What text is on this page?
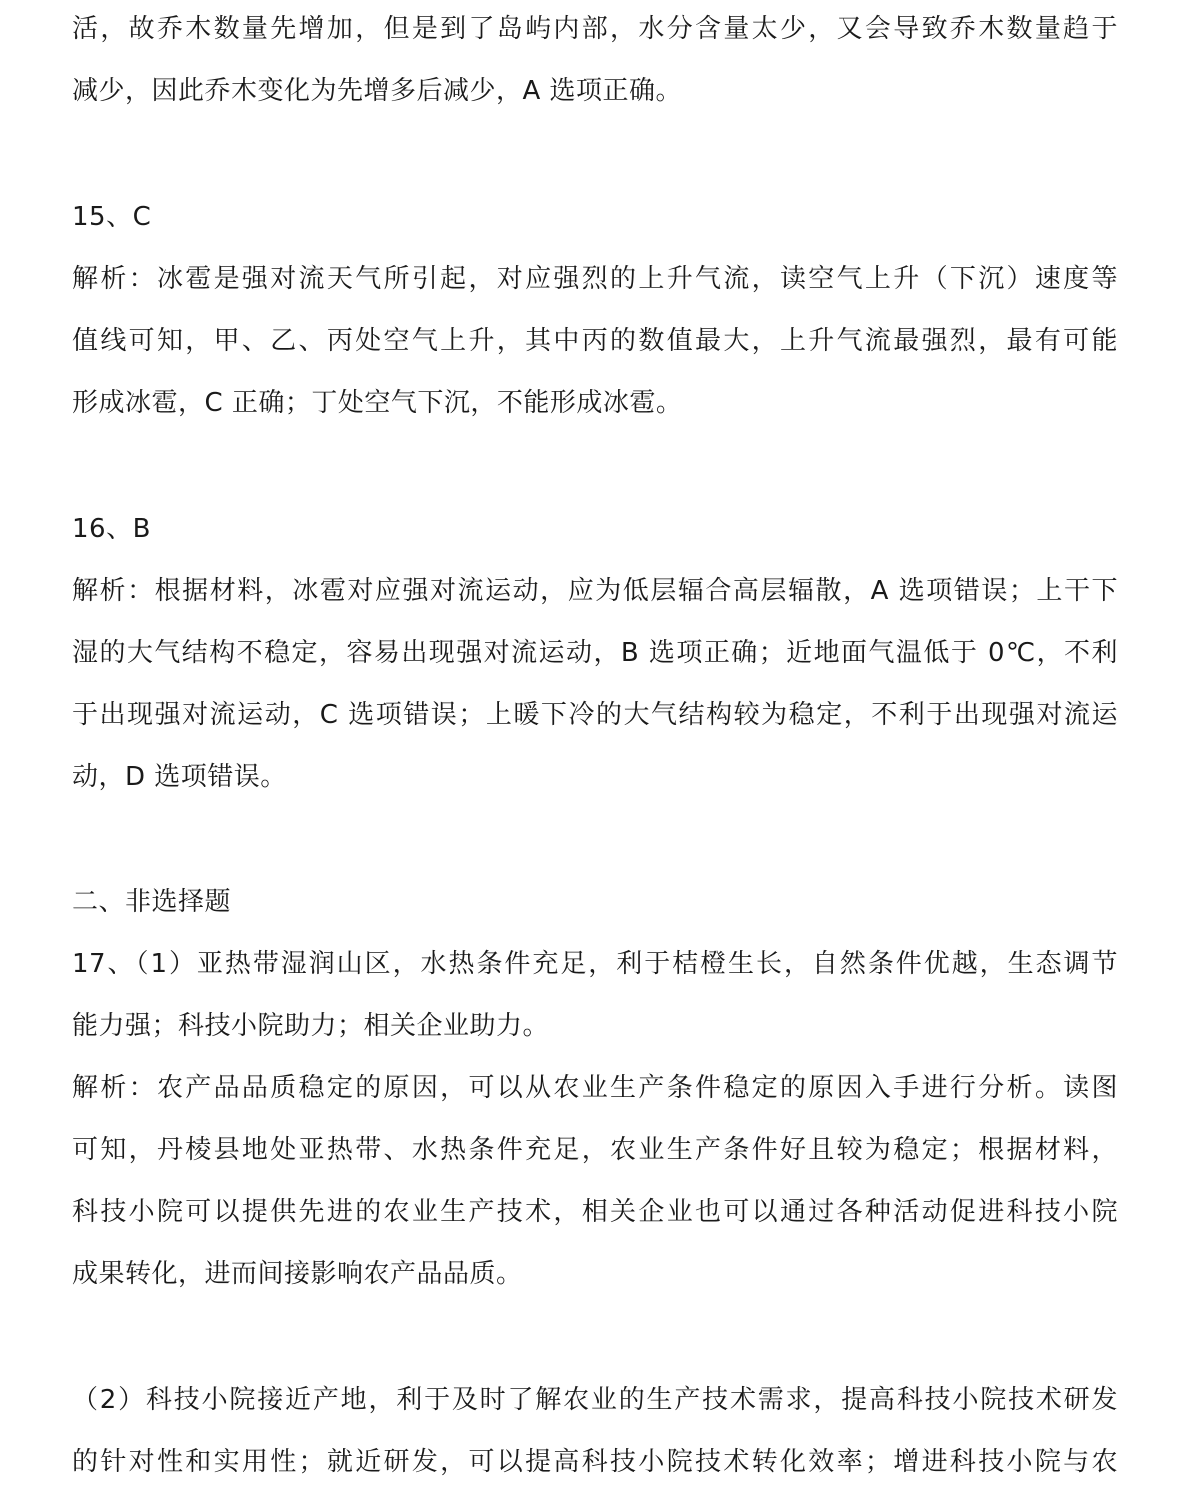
活，故乔木数量先增加，但是到了岛屿内部，水分含量太少，又会导致乔木数量趋于
减少，因此乔木变化为先增多后减少，A 选项正确。
15、C
解析：冰雹是强对流天气所引起，对应强烈的上升气流，读空气上升（下沉）速度等
值线可知，甲、乙、丙处空气上升，其中丙的数值最大，上升气流最强烈，最有可能
形成冰雹，C 正确；丁处空气下沉，不能形成冰雹。
16、B
解析：根据材料，冰雹对应强对流运动，应为低层辐合高层辐散，A 选项错误；上干下
湿的大气结构不稳定，容易出现强对流运动，B 选项正确；近地面气温低于 0℃，不利
于出现强对流运动，C 选项错误；上暖下冷的大气结构较为稳定，不利于出现强对流运
动，D 选项错误。
二、非选择题
17、（1）亚热带湿润山区，水热条件充足，利于桔橙生长，自然条件优越，生态调节
能力强；科技小院助力；相关企业助力。
解析：农产品品质稳定的原因，可以从农业生产条件稳定的原因入手进行分析。读图
可知，丹棱县地处亚热带、水热条件充足，农业生产条件好且较为稳定；根据材料，
科技小院可以提供先进的农业生产技术，相关企业也可以通过各种活动促进科技小院
成果转化，进而间接影响农产品品质。
（2）科技小院接近产地，利于及时了解农业的生产技术需求，提高科技小院技术研发
的针对性和实用性；就近研发，可以提高科技小院技术转化效率；增进科技小院与农
